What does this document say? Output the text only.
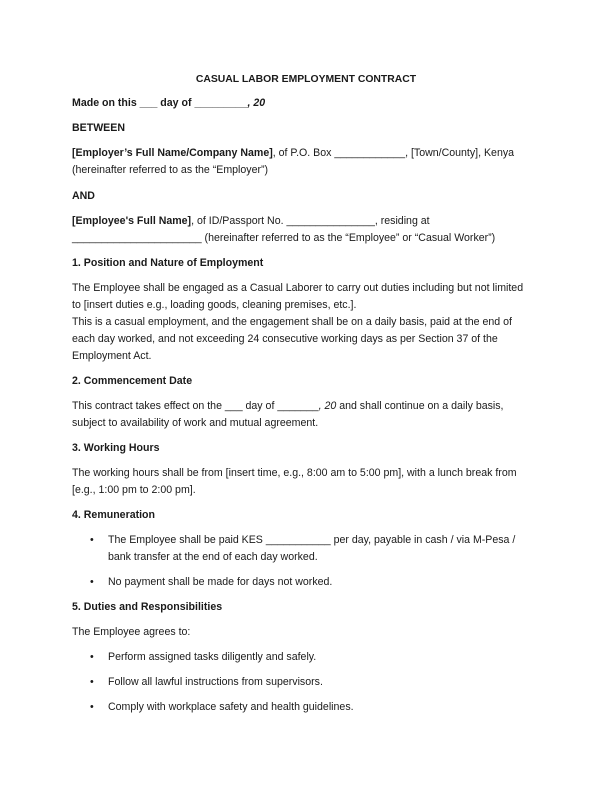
CASUAL LABOR EMPLOYMENT CONTRACT
Made on this ___ day of _________, 20
BETWEEN
[Employer’s Full Name/Company Name], of P.O. Box ____________, [Town/County], Kenya
(hereinafter referred to as the “Employer”)
AND
[Employee's Full Name], of ID/Passport No. _______________, residing at
______________________ (hereinafter referred to as the “Employee” or “Casual Worker”)
1. Position and Nature of Employment
The Employee shall be engaged as a Casual Laborer to carry out duties including but not limited
to [insert duties e.g., loading goods, cleaning premises, etc.].
This is a casual employment, and the engagement shall be on a daily basis, paid at the end of
each day worked, and not exceeding 24 consecutive working days as per Section 37 of the
Employment Act.
2. Commencement Date
This contract takes effect on the ___ day of _______, 20 and shall continue on a daily basis,
subject to availability of work and mutual agreement.
3. Working Hours
The working hours shall be from [insert time, e.g., 8:00 am to 5:00 pm], with a lunch break from
[e.g., 1:00 pm to 2:00 pm].
4. Remuneration
• The Employee shall be paid KES ___________ per day, payable in cash / via M-Pesa /
bank transfer at the end of each day worked.
• No payment shall be made for days not worked.
5. Duties and Responsibilities
The Employee agrees to:
• Perform assigned tasks diligently and safely.
• Follow all lawful instructions from supervisors.
• Comply with workplace safety and health guidelines.
